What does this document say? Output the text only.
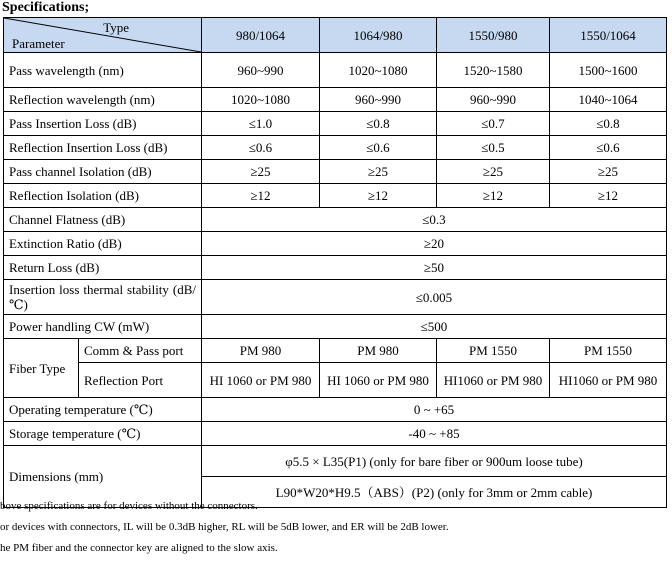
Specifications;
Type
Parameter		980/1064	1064/980	1550/980	1550/1064
Pass wavelength (nm)		960~990	1020~1080	1520~1580	1500~1600
Reflection wavelength (nm)		1020~1080	960~990	960~990	1040~1064
Pass Insertion Loss (dB)		≤1.0	≤0.8	≤0.7	≤0.8
Reflection Insertion Loss (dB)		≤0.6	≤0.6	≤0.5	≤0.6
Pass channel Isolation (dB)		≥25	≥25	≥25	≥25
Reflection Isolation (dB)		≥12	≥12	≥12	≥12
Channel Flatness (dB)		≤0.3			
Extinction Ratio (dB)		≥20			
Return Loss (dB)		≥50			
Insertion loss thermal stability (dB/℃)		≤0.005			
Power handling CW (mW)		≤500			
Fiber Type	Comm & Pass port	PM 980	PM 980	PM 1550	PM 1550
	Reflection Port	HI 1060 or PM 980	HI 1060 or PM 980	HI1060 or PM 980	HI1060 or PM 980
Operating temperature (℃)		0 ~ +65			
Storage temperature (℃)		-40 ~ +85			
Dimensions (mm)		φ5.5 × L35(P1) (only for bare fiber or 900um loose tube)			
		L90*W20*H9.5（ABS）(P2) (only for 3mm or 2mm cable)			
bove specifications are for devices without the connectors.
or devices with connectors, IL will be 0.3dB higher, RL will be 5dB lower, and ER will be 2dB lower.
he PM fiber and the connector key are aligned to the slow axis.
